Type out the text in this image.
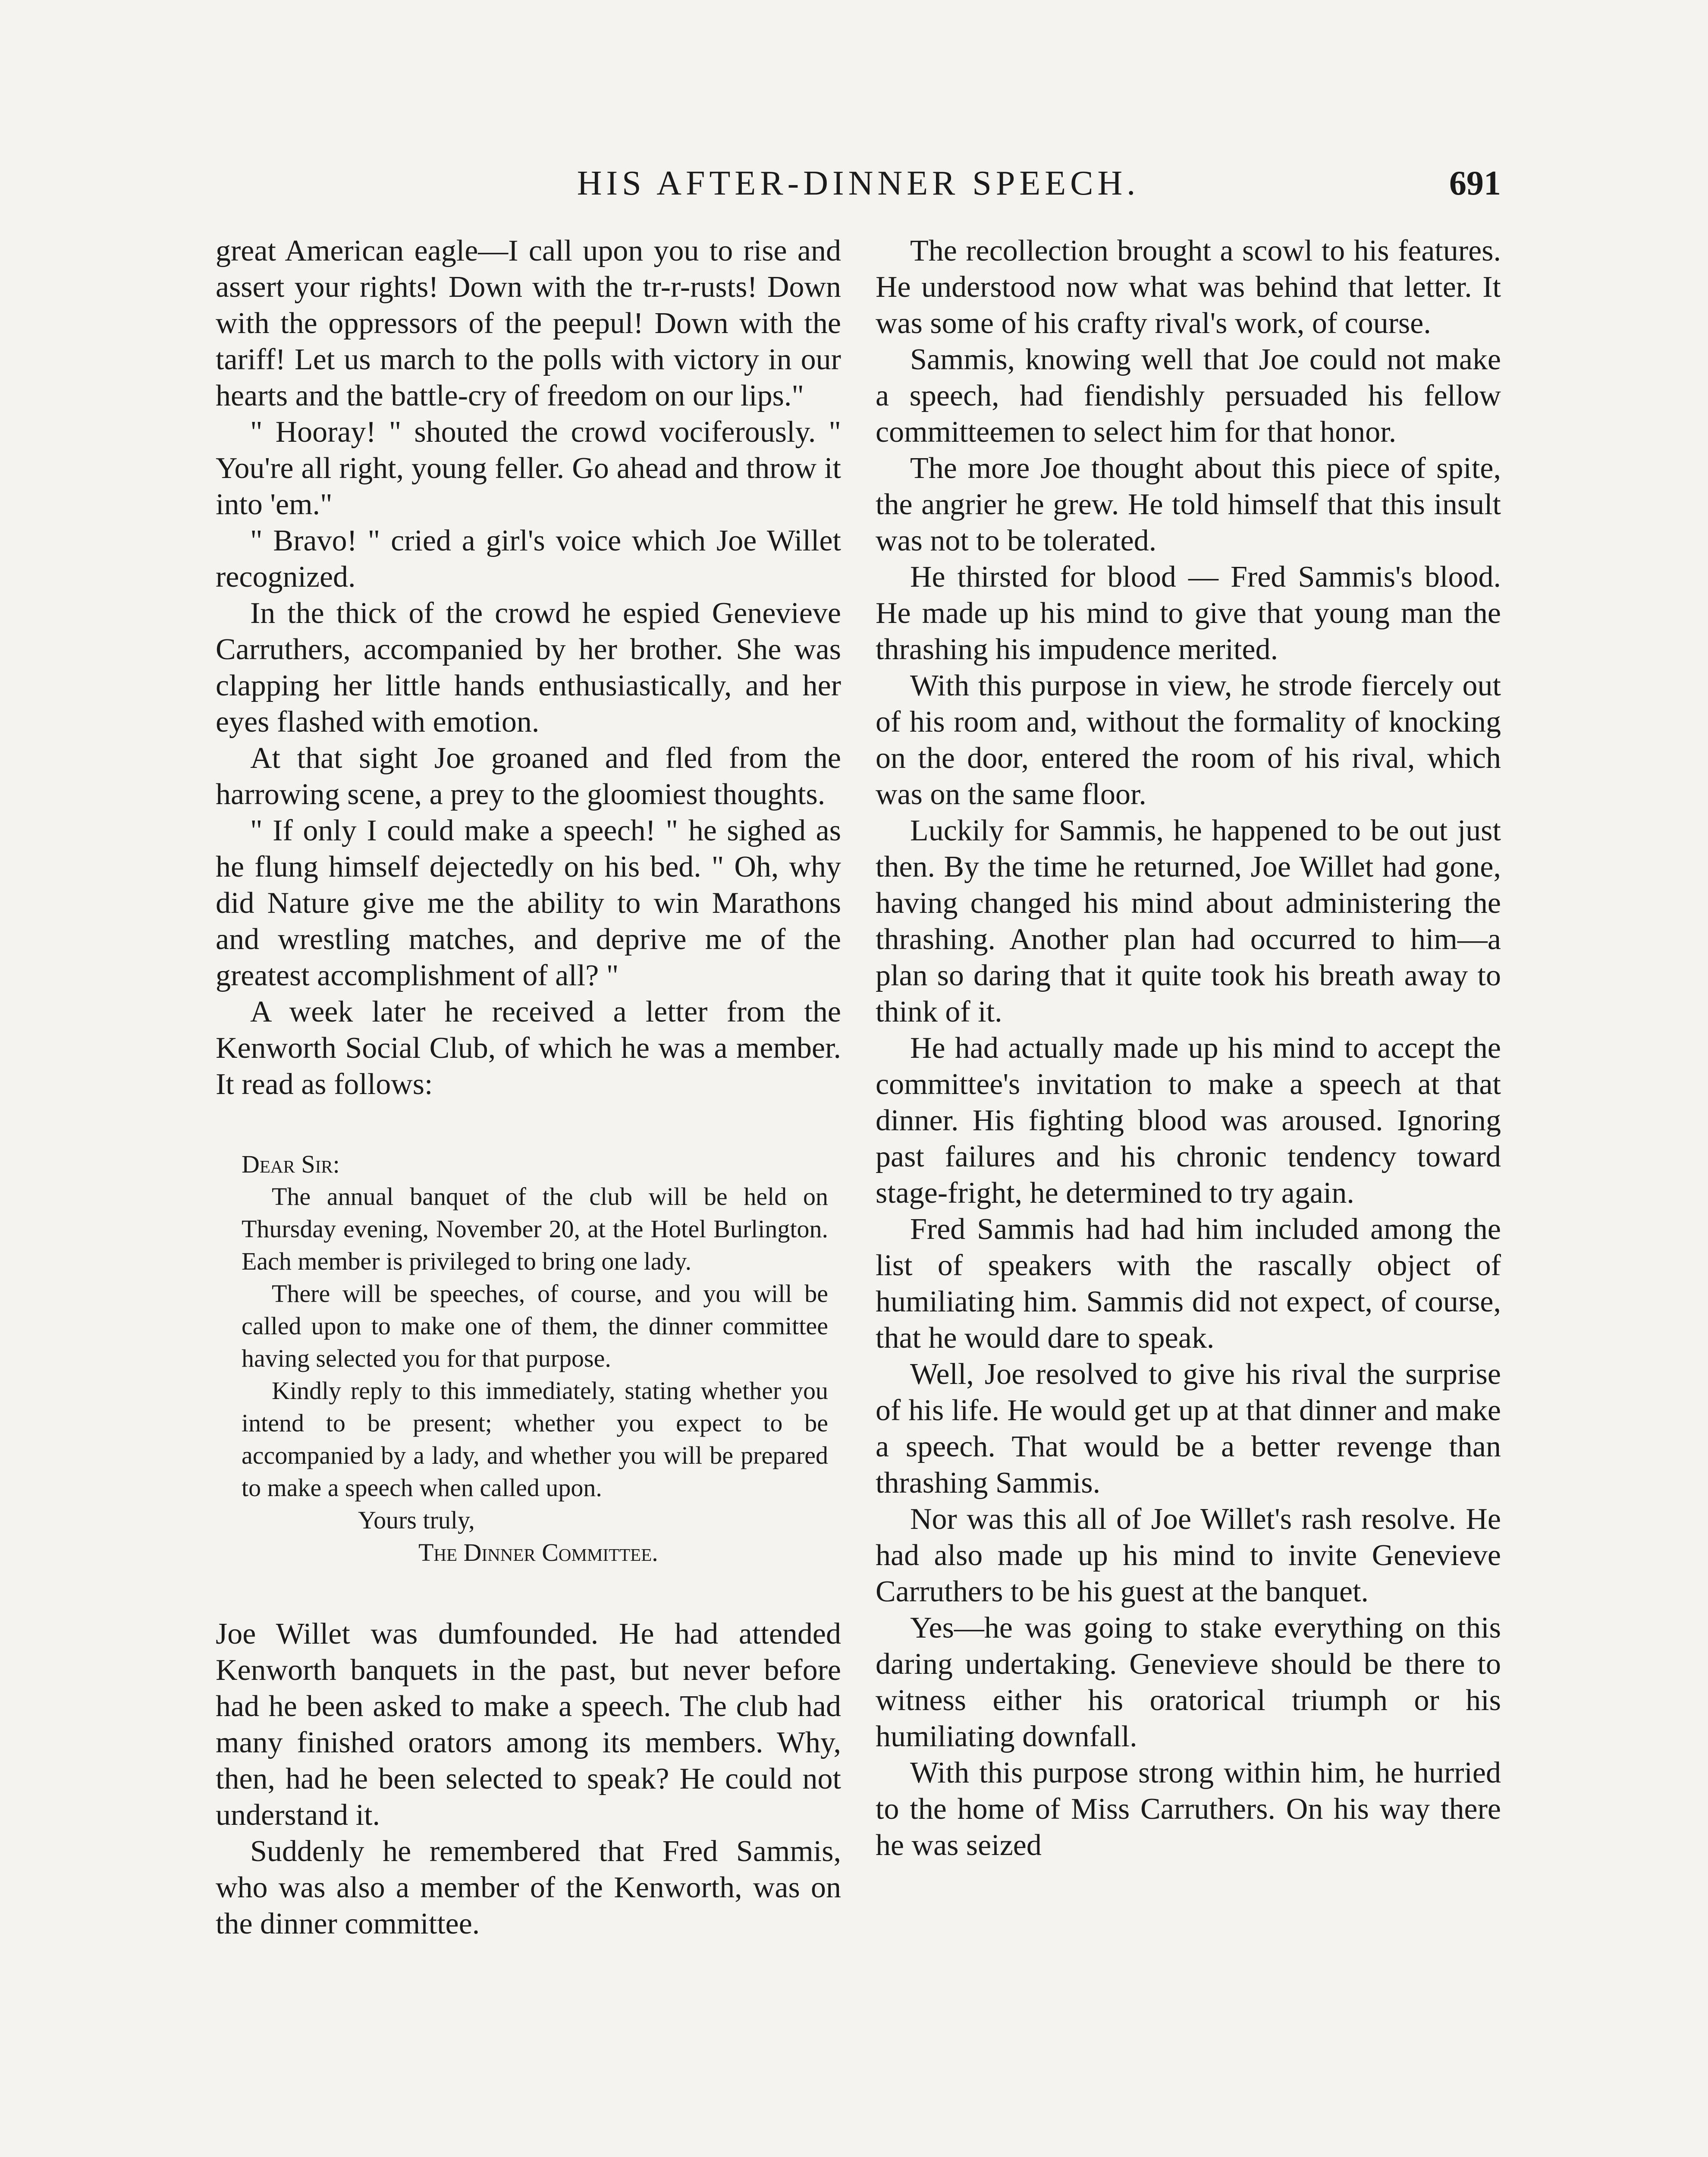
HIS AFTER-DINNER SPEECH.	691

great American eagle—I call upon you to rise and assert your rights! Down with the tr-r-rusts! Down with the oppressors of the peepul! Down with the tariff! Let us march to the polls with victory in our hearts and the battle-cry of freedom on our lips."

" Hooray! " shouted the crowd vociferously. " You're all right, young feller. Go ahead and throw it into 'em."

" Bravo! " cried a girl's voice which Joe Willet recognized.

In the thick of the crowd he espied Genevieve Carruthers, accompanied by her brother. She was clapping her little hands enthusiastically, and her eyes flashed with emotion.

At that sight Joe groaned and fled from the harrowing scene, a prey to the gloomiest thoughts.

" If only I could make a speech! " he sighed as he flung himself dejectedly on his bed. " Oh, why did Nature give me the ability to win Marathons and wrestling matches, and deprive me of the greatest accomplishment of all? "

A week later he received a letter from the Kenworth Social Club, of which he was a member. It read as follows:

Dear Sir:

The annual banquet of the club will be held on Thursday evening, November 20, at the Hotel Burlington. Each member is privileged to bring one lady.

There will be speeches, of course, and you will be called upon to make one of them, the dinner committee having selected you for that purpose.

Kindly reply to this immediately, stating whether you intend to be present; whether you expect to be accompanied by a lady, and whether you will be prepared to make a speech when called upon.

Yours truly,

The Dinner Committee.

Joe Willet was dumfounded. He had attended Kenworth banquets in the past, but never before had he been asked to make a speech. The club had many finished orators among its members. Why, then, had he been selected to speak? He could not understand it.

Suddenly he remembered that Fred Sammis, who was also a member of the Kenworth, was on the dinner committee.

The recollection brought a scowl to his features. He understood now what was behind that letter. It was some of his crafty rival's work, of course.

Sammis, knowing well that Joe could not make a speech, had fiendishly persuaded his fellow committeemen to select him for that honor.

The more Joe thought about this piece of spite, the angrier he grew. He told himself that this insult was not to be tolerated.

He thirsted for blood — Fred Sammis's blood. He made up his mind to give that young man the thrashing his impudence merited.

With this purpose in view, he strode fiercely out of his room and, without the formality of knocking on the door, entered the room of his rival, which was on the same floor.

Luckily for Sammis, he happened to be out just then. By the time he returned, Joe Willet had gone, having changed his mind about administering the thrashing. Another plan had occurred to him—a plan so daring that it quite took his breath away to think of it.

He had actually made up his mind to accept the committee's invitation to make a speech at that dinner. His fighting blood was aroused. Ignoring past failures and his chronic tendency toward stage-fright, he determined to try again.

Fred Sammis had had him included among the list of speakers with the rascally object of humiliating him. Sammis did not expect, of course, that he would dare to speak.

Well, Joe resolved to give his rival the surprise of his life. He would get up at that dinner and make a speech. That would be a better revenge than thrashing Sammis.

Nor was this all of Joe Willet's rash resolve. He had also made up his mind to invite Genevieve Carruthers to be his guest at the banquet.

Yes—he was going to stake everything on this daring undertaking. Genevieve should be there to witness either his oratorical triumph or his humiliating downfall.

With this purpose strong within him, he hurried to the home of Miss Carruthers. On his way there he was seized
